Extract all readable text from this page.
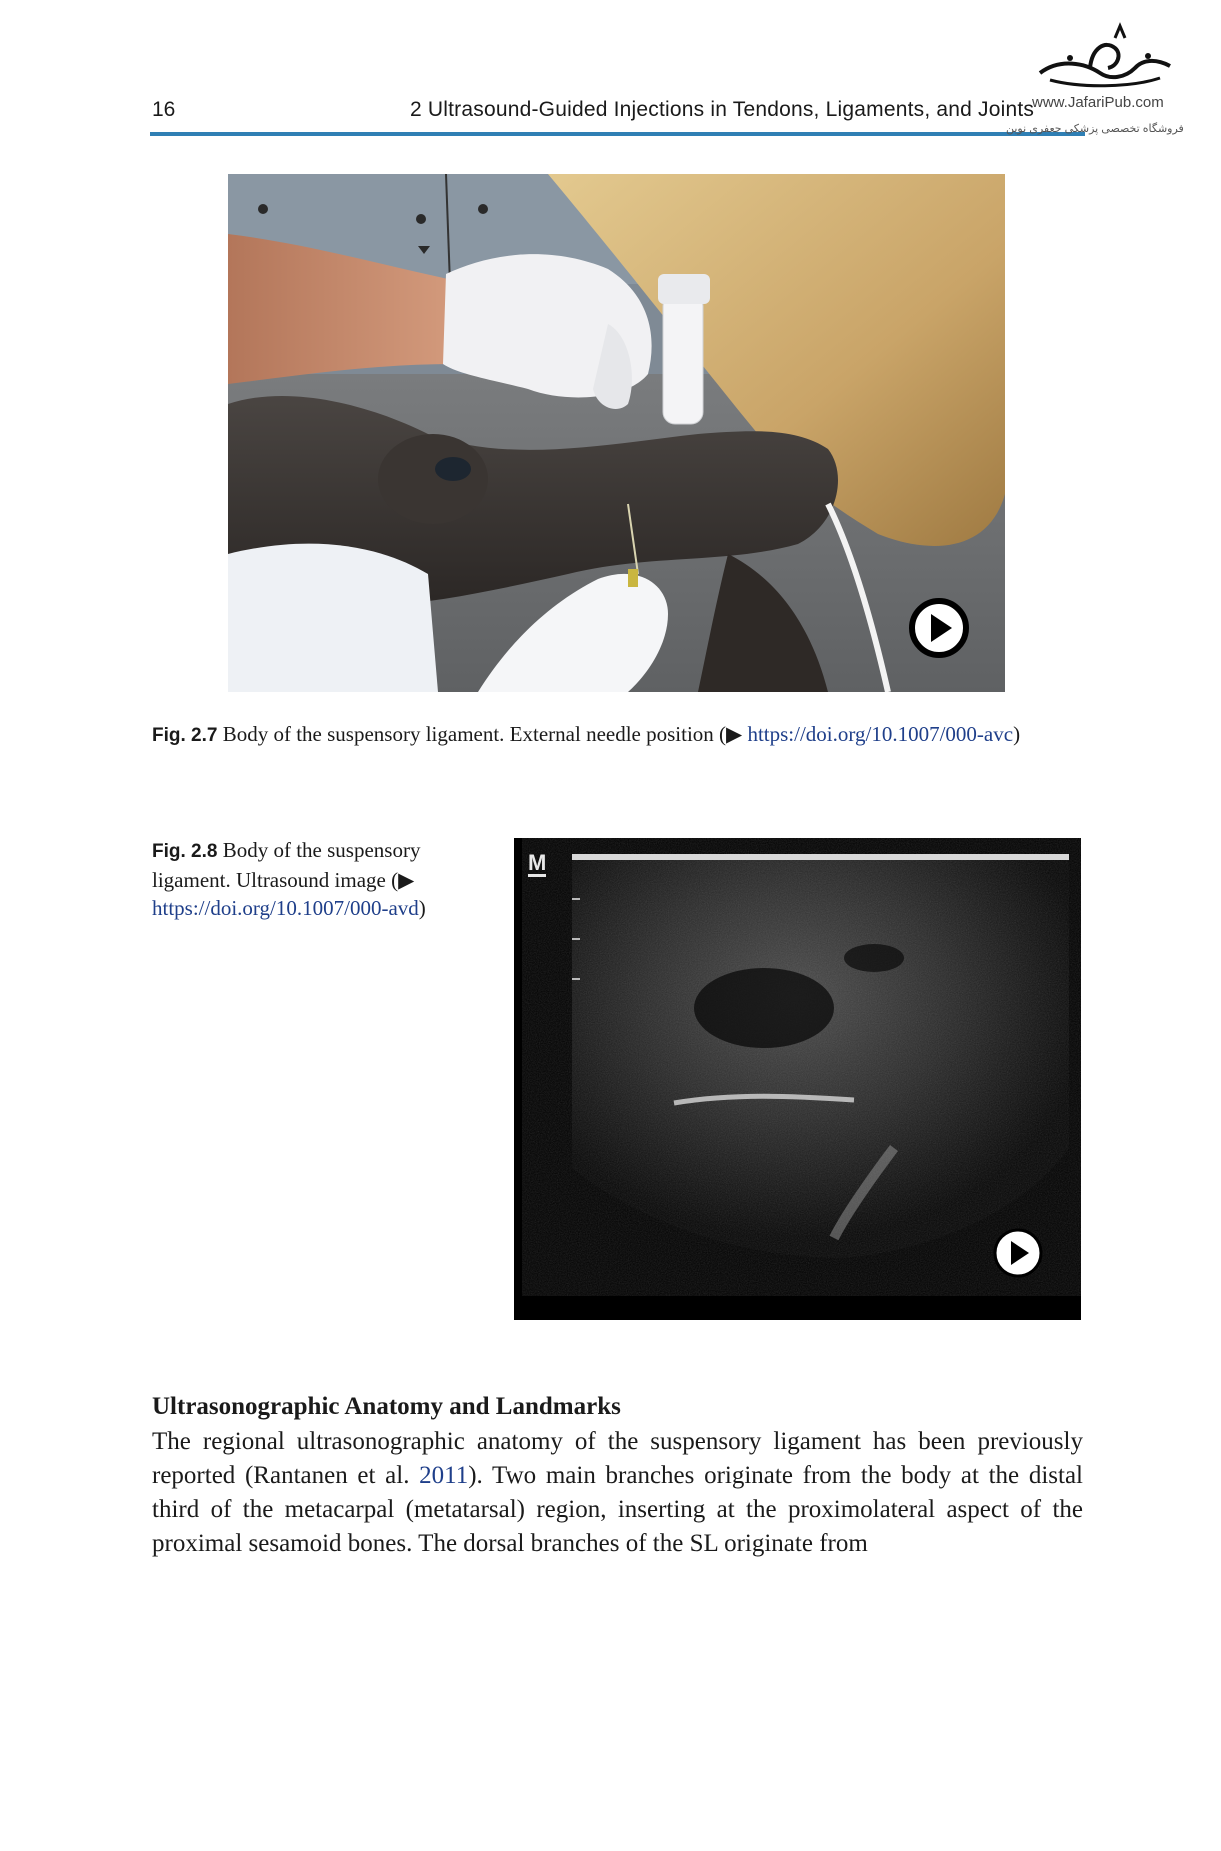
16	2 Ultrasound-Guided Injections in Tendons, Ligaments, and Joints
www.JafariPub.com
فروشگاه تخصصی پزشکی جعفری نوین
Fig. 2.7 Body of the suspensory ligament. External needle position (▶ https://doi.org/10.1007/000-avc)
Fig. 2.8 Body of the suspensory ligament. Ultrasound image (▶ https://doi.org/10.1007/000-avd)
M
Ultrasonographic Anatomy and Landmarks
The regional ultrasonographic anatomy of the suspensory ligament has been previously reported (Rantanen et al. 2011). Two main branches originate from the body at the distal third of the metacarpal (metatarsal) region, inserting at the proximolateral aspect of the proximal sesamoid bones. The dorsal branches of the SL originate from
